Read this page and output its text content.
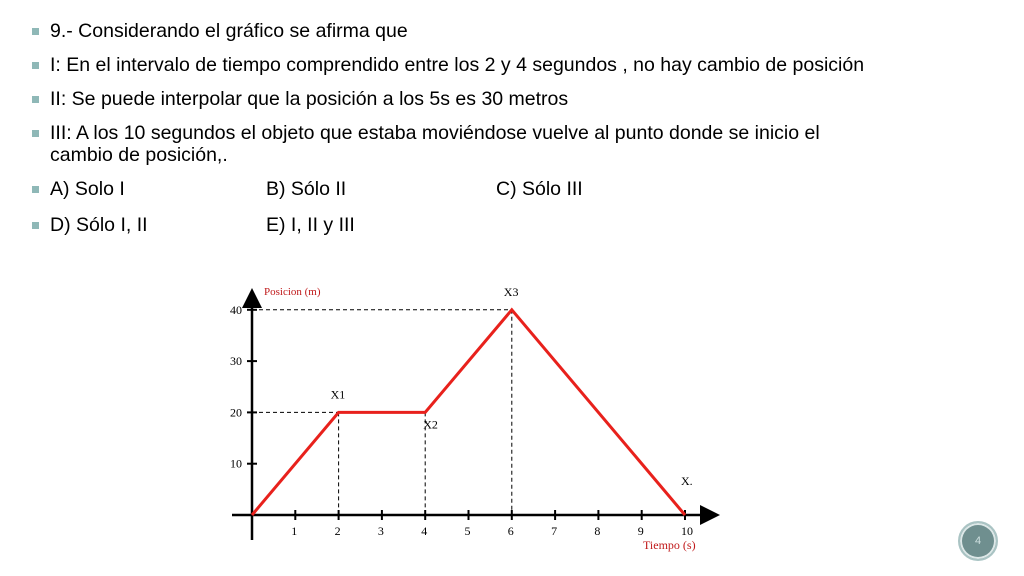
9.- Considerando el gráfico se afirma que
I: En el intervalo de tiempo comprendido entre los 2 y 4 segundos , no hay cambio de posición
II: Se puede interpolar que la posición a los 5s es 30 metros
III: A los 10 segundos el objeto que estaba moviéndose vuelve al punto donde se inicio el cambio de posición,.
A) Solo I	B) Sólo II	C) Sólo III
D) Sólo I, II	E) I, II y III
1	2	3	4	5	6	7	8	9	10
10
20
30
40
Posicion (m)
Tiempo (s)
X1
X2
X3
X.
4
